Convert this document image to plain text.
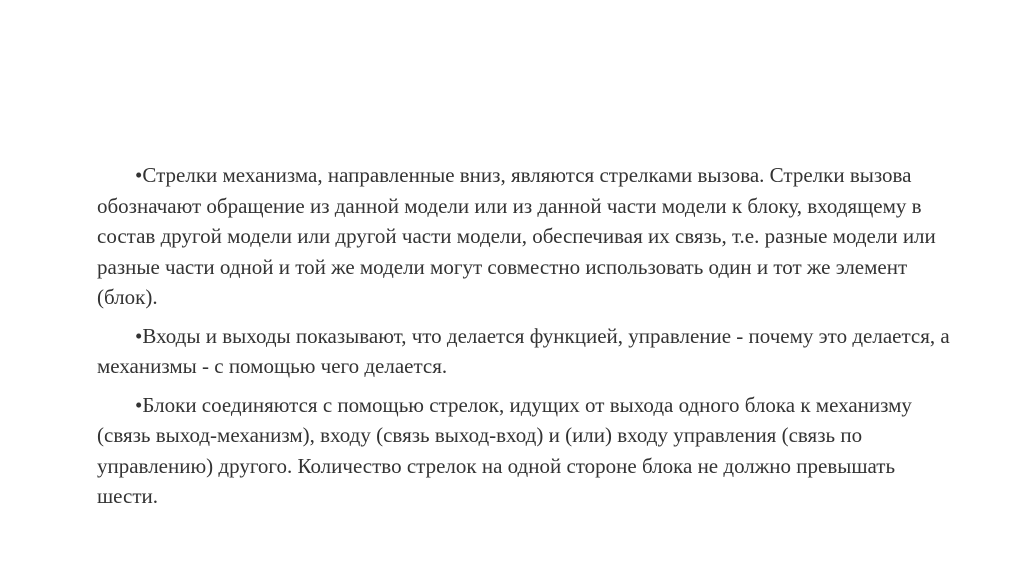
•Стрелки механизма, направленные вниз, являются стрелками вызова. Стрелки вызова обозначают обращение из данной модели или из данной части модели к блоку, входящему в состав другой модели или другой части модели, обеспечивая их связь, т.е. разные модели или разные части одной и той же модели могут совместно использовать один и тот же элемент (блок).

•Входы и выходы показывают, что делается функцией, управление - почему это делается, а механизмы - с помощью чего делается.

•Блоки соединяются с помощью стрелок, идущих от выхода одного блока к механизму (связь выход-механизм), входу (связь выход-вход) и (или) входу управления (связь по управлению) другого. Количество стрелок на одной стороне блока не должно превышать шести.
